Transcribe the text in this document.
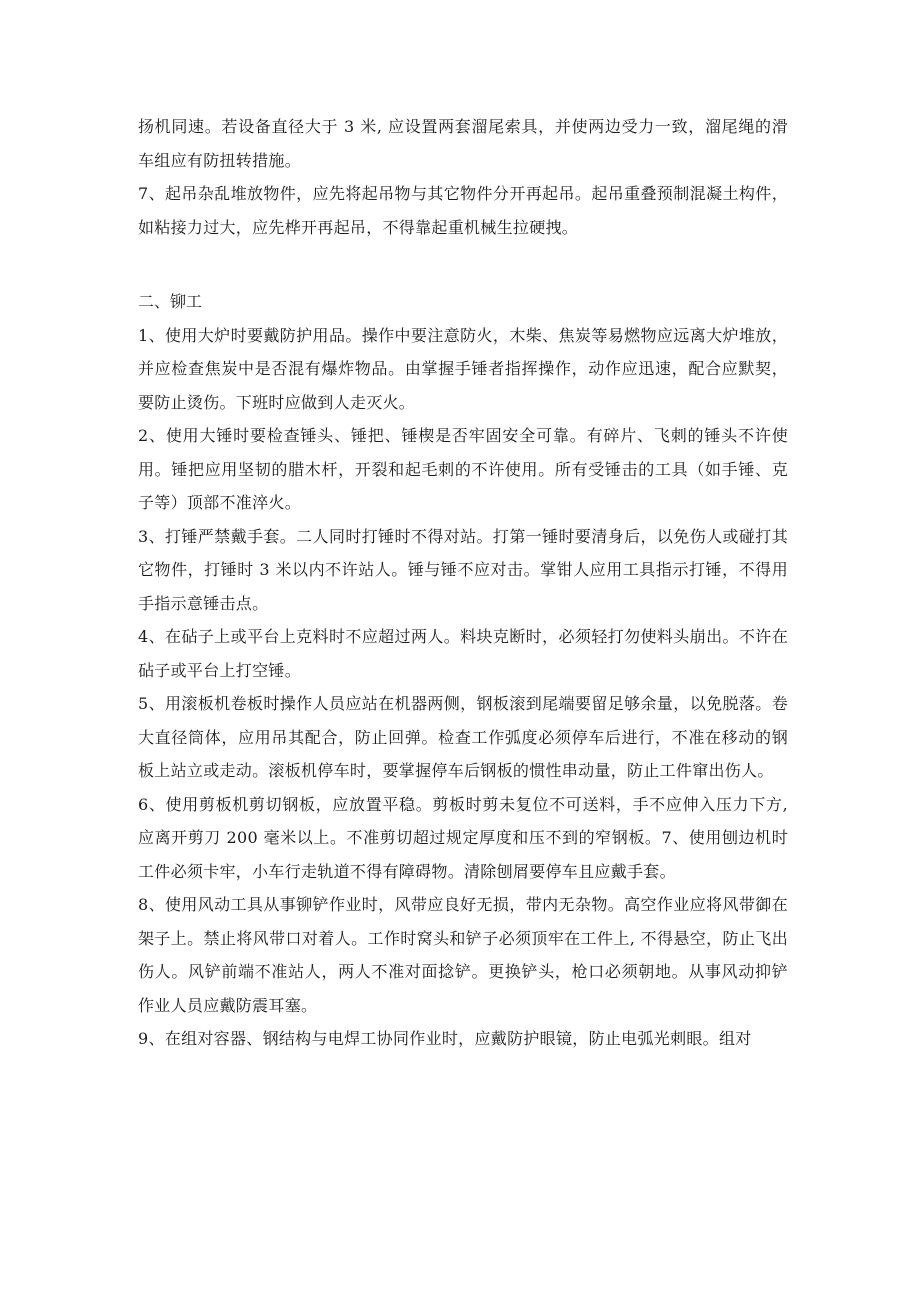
扬机同速。若设备直径大于 3 米, 应设置两套溜尾索具，并使两边受力一致，溜尾绳的滑车组应有防扭转措施。

7、起吊杂乱堆放物件，应先将起吊物与其它物件分开再起吊。起吊重叠预制混凝土构件，如粘接力过大，应先桦开再起吊，不得靠起重机械生拉硬拽。

二、铆工

1、使用大炉时要戴防护用品。操作中要注意防火，木柴、焦炭等易燃物应远离大炉堆放，并应检查焦炭中是否混有爆炸物品。由掌握手锤者指挥操作，动作应迅速，配合应默契，要防止烫伤。下班时应做到人走灭火。

2、使用大锤时要检查锤头、锤把、锤楔是否牢固安全可靠。有碎片、飞刺的锤头不许使用。锤把应用坚韧的腊木杆，开裂和起毛刺的不许使用。所有受锤击的工具（如手锤、克子等）顶部不准淬火。

3、打锤严禁戴手套。二人同时打锤时不得对站。打第一锤时要清身后，以免伤人或碰打其它物件，打锤时 3 米以内不许站人。锤与锤不应对击。掌钳人应用工具指示打锤，不得用手指示意锤击点。

4、在砧子上或平台上克料时不应超过两人。料块克断时，必须轻打勿使料头崩出。不许在砧子或平台上打空锤。

5、用滚板机卷板时操作人员应站在机器两侧，钢板滚到尾端要留足够余量，以免脱落。卷大直径筒体，应用吊其配合，防止回弹。检查工作弧度必须停车后进行，不准在移动的钢板上站立或走动。滚板机停车时，要掌握停车后钢板的惯性串动量，防止工件窜出伤人。

6、使用剪板机剪切钢板，应放置平稳。剪板时剪未复位不可送料，手不应伸入压力下方, 应离开剪刀 200 毫米以上。不准剪切超过规定厚度和压不到的窄钢板。7、使用刨边机时工件必须卡牢，小车行走轨道不得有障碍物。清除刨屑要停车且应戴手套。

8、使用风动工具从事铆铲作业时，风带应良好无损，带内无杂物。高空作业应将风带御在架子上。禁止将风带口对着人。工作时窝头和铲子必须顶牢在工件上, 不得悬空，防止飞出伤人。风铲前端不准站人，两人不准对面捻铲。更换铲头，枪口必须朝地。从事风动抑铲作业人员应戴防震耳塞。

9、在组对容器、钢结构与电焊工协同作业时，应戴防护眼镜，防止电弧光刺眼。组对
